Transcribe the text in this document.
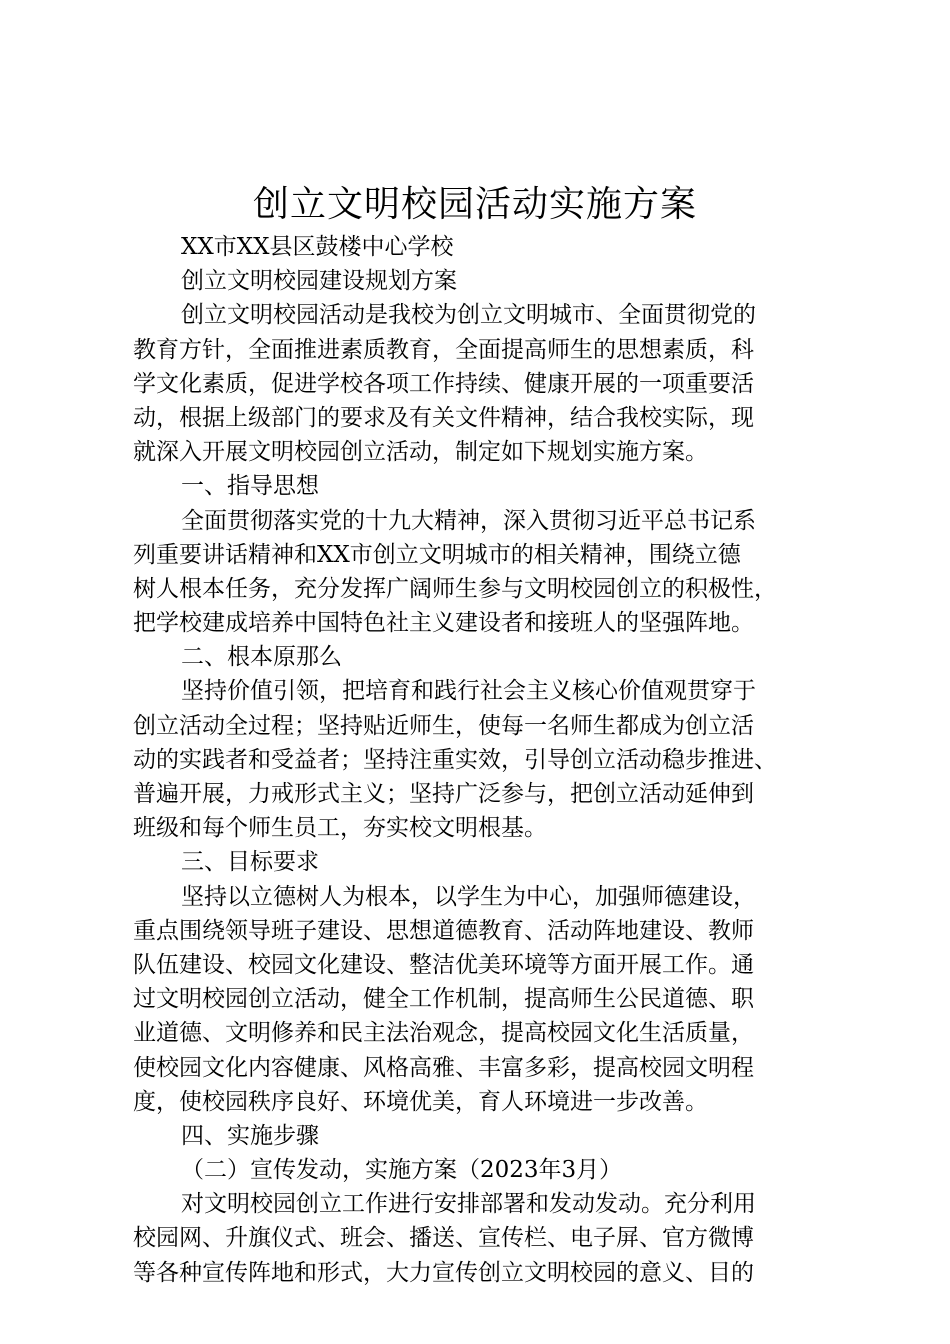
创立文明校园活动实施方案
XX市XX县区鼓楼中心学校
创立文明校园建设规划方案
创立文明校园活动是我校为创立文明城市、全面贯彻党的
教育方针，全面推进素质教育，全面提高师生的思想素质，科
学文化素质，促进学校各项工作持续、健康开展的一项重要活
动，根据上级部门的要求及有关文件精神，结合我校实际，现
就深入开展文明校园创立活动，制定如下规划实施方案。
一、指导思想
全面贯彻落实党的十九大精神，深入贯彻习近平总书记系
列重要讲话精神和XX市创立文明城市的相关精神，围绕立德
树人根本任务，充分发挥广阔师生参与文明校园创立的积极性，
把学校建成培养中国特色社主义建设者和接班人的坚强阵地。
二、根本原那么
坚持价值引领，把培育和践行社会主义核心价值观贯穿于
创立活动全过程；坚持贴近师生，使每一名师生都成为创立活
动的实践者和受益者；坚持注重实效，引导创立活动稳步推进、
普遍开展，力戒形式主义；坚持广泛参与，把创立活动延伸到
班级和每个师生员工，夯实校文明根基。
三、目标要求
坚持以立德树人为根本，以学生为中心，加强师德建设，
重点围绕领导班子建设、思想道德教育、活动阵地建设、教师
队伍建设、校园文化建设、整洁优美环境等方面开展工作。通
过文明校园创立活动，健全工作机制，提高师生公民道德、职
业道德、文明修养和民主法治观念，提高校园文化生活质量，
使校园文化内容健康、风格高雅、丰富多彩，提高校园文明程
度，使校园秩序良好、环境优美，育人环境进一步改善。
四、实施步骤
（二）宣传发动，实施方案（2023年3月）
对文明校园创立工作进行安排部署和发动发动。充分利用
校园网、升旗仪式、班会、播送、宣传栏、电子屏、官方微博
等各种宣传阵地和形式，大力宣传创立文明校园的意义、目的
